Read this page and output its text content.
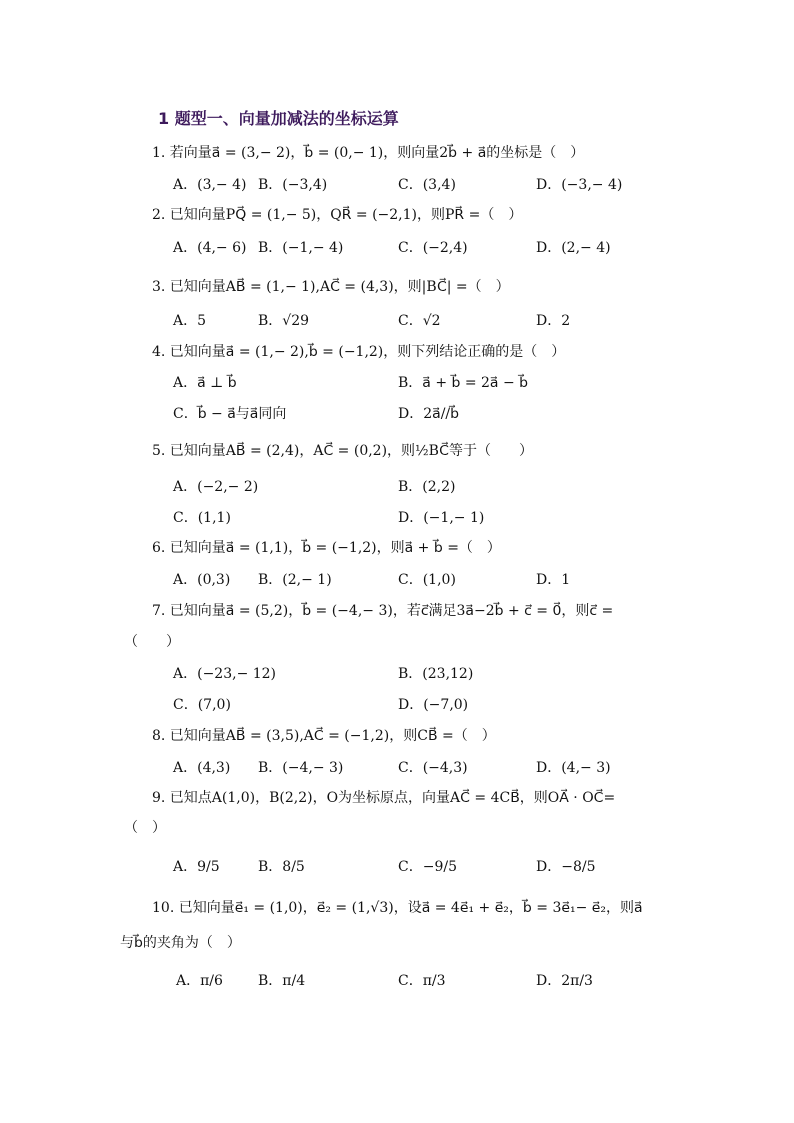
1 题型一、向量加减法的坐标运算
1. 若向量a⃗ = (3,− 2)，b⃗ = (0,− 1)，则向量2b⃗ + a⃗的坐标是（　）
A．(3,− 4) B．(−3,4)	C．(3,4)	D．(−3,− 4)
2. 已知向量PQ⃗ = (1,− 5)，QR⃗ = (−2,1)，则PR⃗ =（　）
A．(4,− 6) B．(−1,− 4)	C．(−2,4)	D．(2,− 4)
3. 已知向量AB⃗ = (1,− 1),AC⃗ = (4,3)，则|BC⃗| =（　）
A．5	B．√29	C．√2	D．2
4. 已知向量a⃗ = (1,− 2),b⃗ = (−1,2)，则下列结论正确的是（　）
A．a⃗ ⊥ b⃗	B．a⃗ + b⃗ = 2a⃗ − b⃗
C．b⃗ − a⃗与a⃗同向	D．2a⃗//b⃗
5. 已知向量AB⃗ = (2,4)，AC⃗ = (0,2)，则½BC⃗等于（　　）
A．(−2,− 2)	B．(2,2)
C．(1,1)	D．(−1,− 1)
6. 已知向量a⃗ = (1,1)，b⃗ = (−1,2)，则a⃗ + b⃗ =（　）
A．(0,3) B．(2,− 1)	C．(1,0)	D．1
7. 已知向量a⃗ = (5,2)，b⃗ = (−4,− 3)，若c⃗满足3a⃗−2b⃗ + c⃗ = 0⃗，则c⃗ =
（　　）
A．(−23,− 12)	B．(23,12)
C．(7,0)	D．(−7,0)
8. 已知向量AB⃗ = (3,5),AC⃗ = (−1,2)，则CB⃗ =（　）
A．(4,3) B．(−4,− 3)	C．(−4,3)	D．(4,− 3)
9. 已知点A(1,0)，B(2,2)，O为坐标原点，向量AC⃗ = 4CB⃗，则OA⃗ · OC⃗=
（　）
A．9/5	B．8/5	C．−9/5	D．−8/5
10. 已知向量e⃗₁ = (1,0)，e⃗₂ = (1,√3)，设a⃗ = 4e⃗₁ + e⃗₂，b⃗ = 3e⃗₁− e⃗₂，则a⃗
与b⃗的夹角为（　）
A．π/6	B．π/4	C．π/3	D．2π/3
